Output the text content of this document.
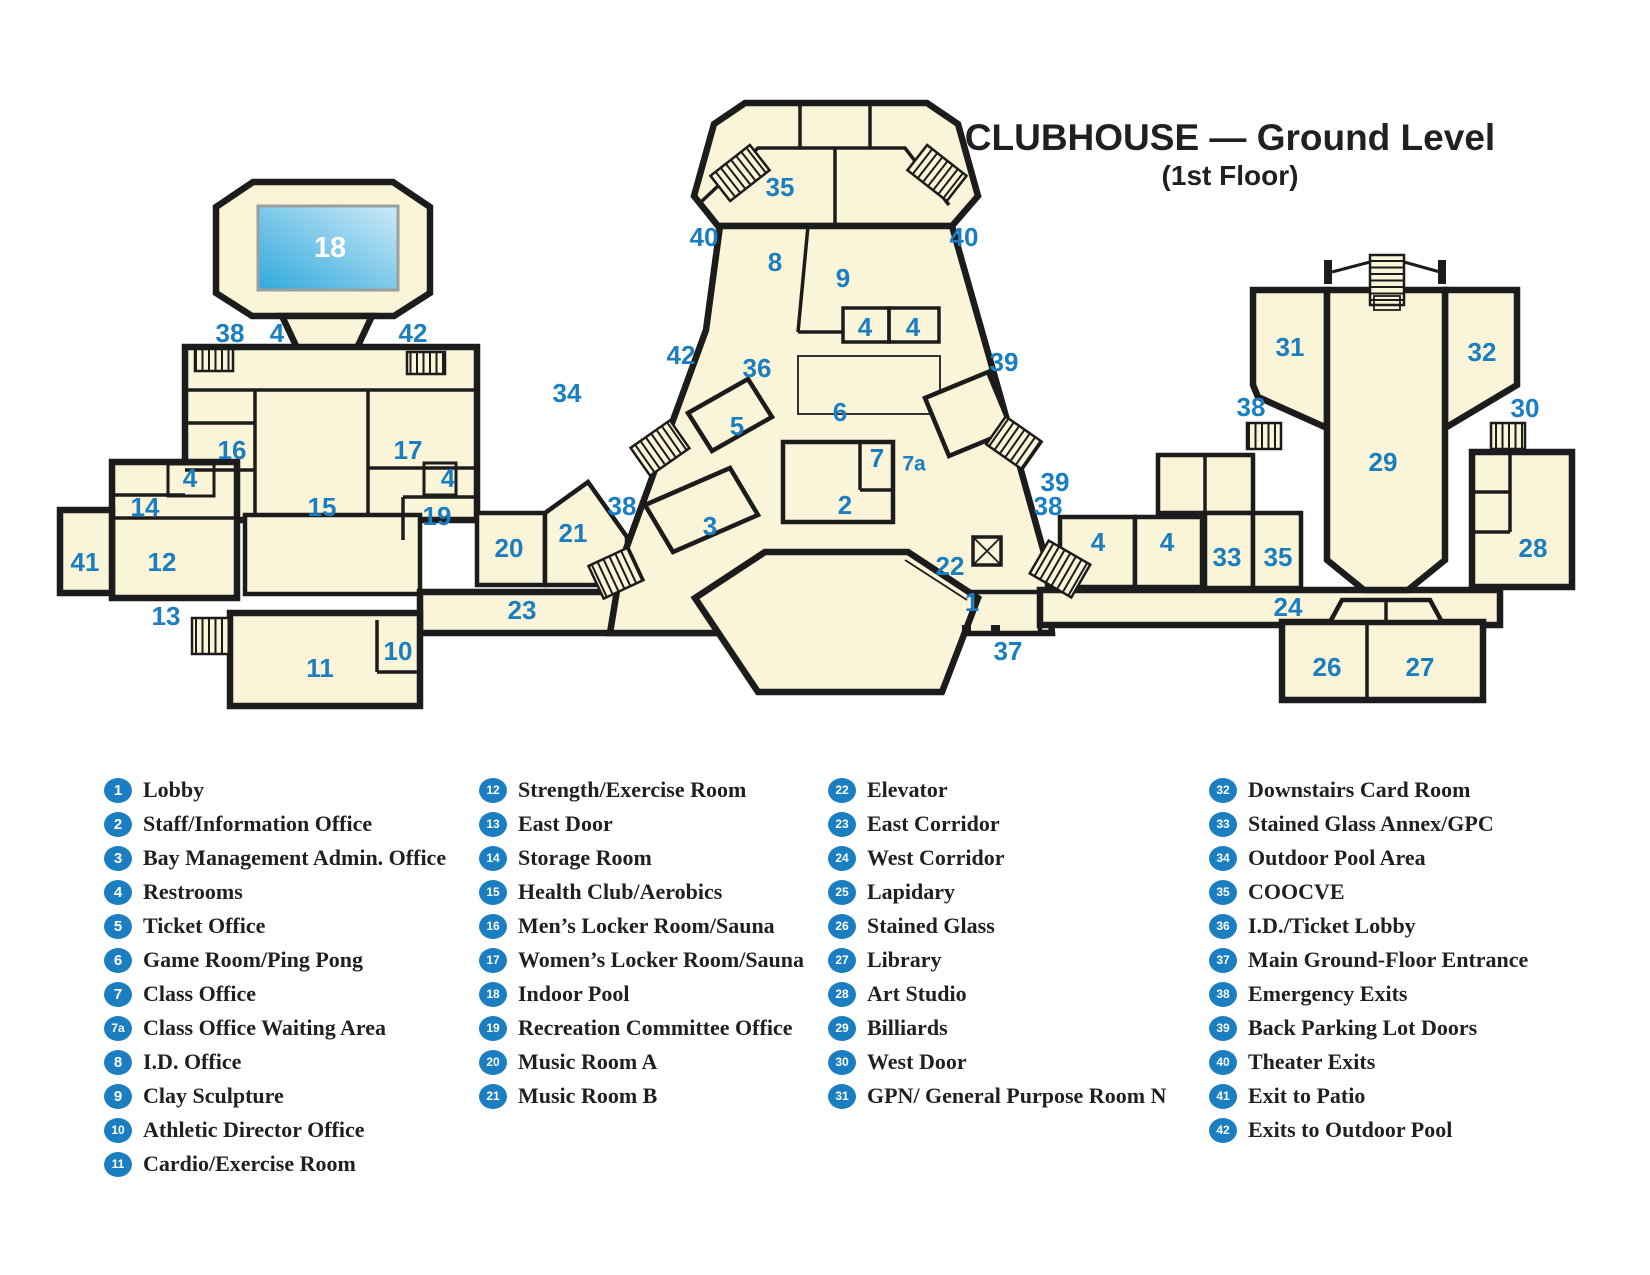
CLUBHOUSE — Ground Level
(1st Floor)
18
38 4	42
34
16
4
17
4
14	15	19
41 12
13
20 21
38
23
10
11
35
40	40
8
9
4 4
42 36	39
5	6
7 7a
2
3
22
1
37
39
38
4 4
31	32
29
38	30
33 35
24
28
26 27
1 Lobby
2 Staff/Information Office
3 Bay Management Admin. Office
4 Restrooms
5 Ticket Office
6 Game Room/Ping Pong
7 Class Office
7a Class Office Waiting Area
8 I.D. Office
9 Clay Sculpture
10 Athletic Director Office
11 Cardio/Exercise Room
12 Strength/Exercise Room
13 East Door
14 Storage Room
15 Health Club/Aerobics
16 Men’s Locker Room/Sauna
17 Women’s Locker Room/Sauna
18 Indoor Pool
19 Recreation Committee Office
20 Music Room A
21 Music Room B
22 Elevator
23 East Corridor
24 West Corridor
25 Lapidary
26 Stained Glass
27 Library
28 Art Studio
29 Billiards
30 West Door
31 GPN/ General Purpose Room N
32 Downstairs Card Room
33 Stained Glass Annex/GPC
34 Outdoor Pool Area
35 COOCVE
36 I.D./Ticket Lobby
37 Main Ground-Floor Entrance
38 Emergency Exits
39 Back Parking Lot Doors
40 Theater Exits
41 Exit to Patio
42 Exits to Outdoor Pool
